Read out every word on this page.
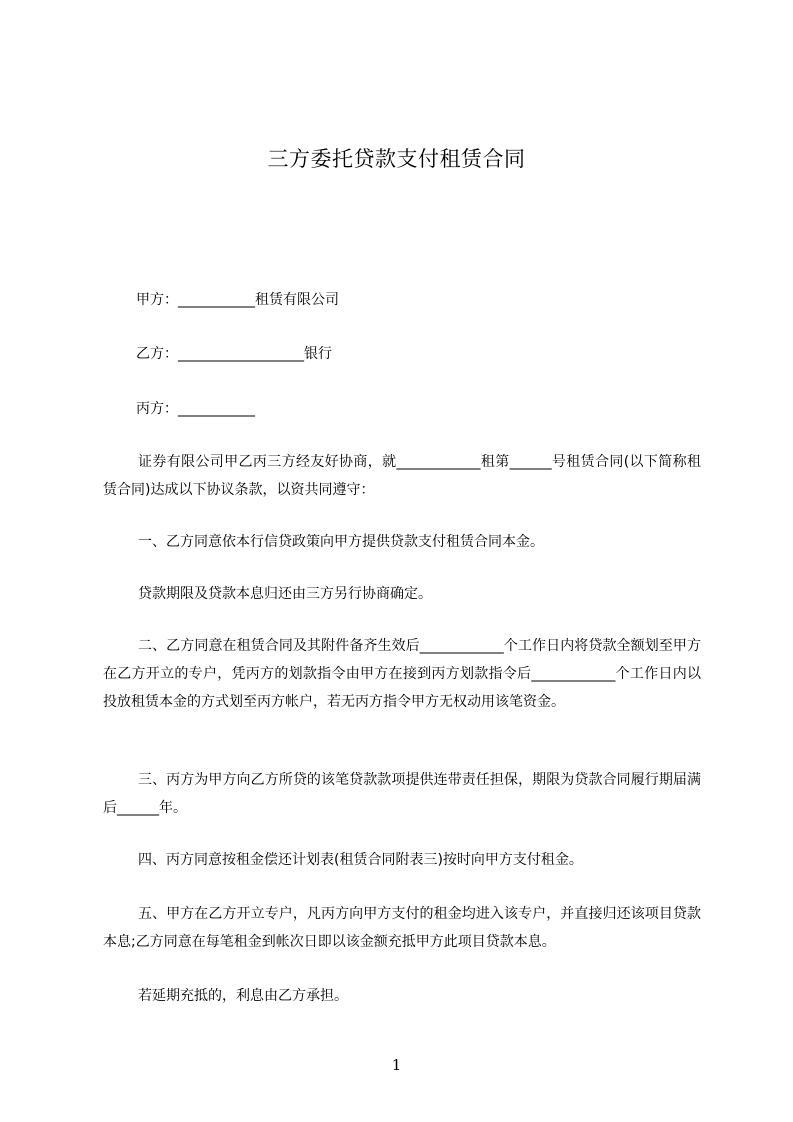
三方委托贷款支付租赁合同
甲方：___________租赁有限公司
乙方：__________________银行
丙方：___________
证券有限公司甲乙丙三方经友好协商，就____________租第______号租赁合同(以下简称租赁合同)达成以下协议条款，以资共同遵守：
一、乙方同意依本行信贷政策向甲方提供贷款支付租赁合同本金。
贷款期限及贷款本息归还由三方另行协商确定。
二、乙方同意在租赁合同及其附件备齐生效后____________个工作日内将贷款全额划至甲方在乙方开立的专户，凭丙方的划款指令由甲方在接到丙方划款指令后____________个工作日内以投放租赁本金的方式划至丙方帐户，若无丙方指令甲方无权动用该笔资金。
三、丙方为甲方向乙方所贷的该笔贷款款项提供连带责任担保，期限为贷款合同履行期届满后______年。
四、丙方同意按租金偿还计划表(租赁合同附表三)按时向甲方支付租金。
五、甲方在乙方开立专户，凡丙方向甲方支付的租金均进入该专户，并直接归还该项目贷款本息;乙方同意在每笔租金到帐次日即以该金额充抵甲方此项目贷款本息。
若延期充抵的，利息由乙方承担。
1
